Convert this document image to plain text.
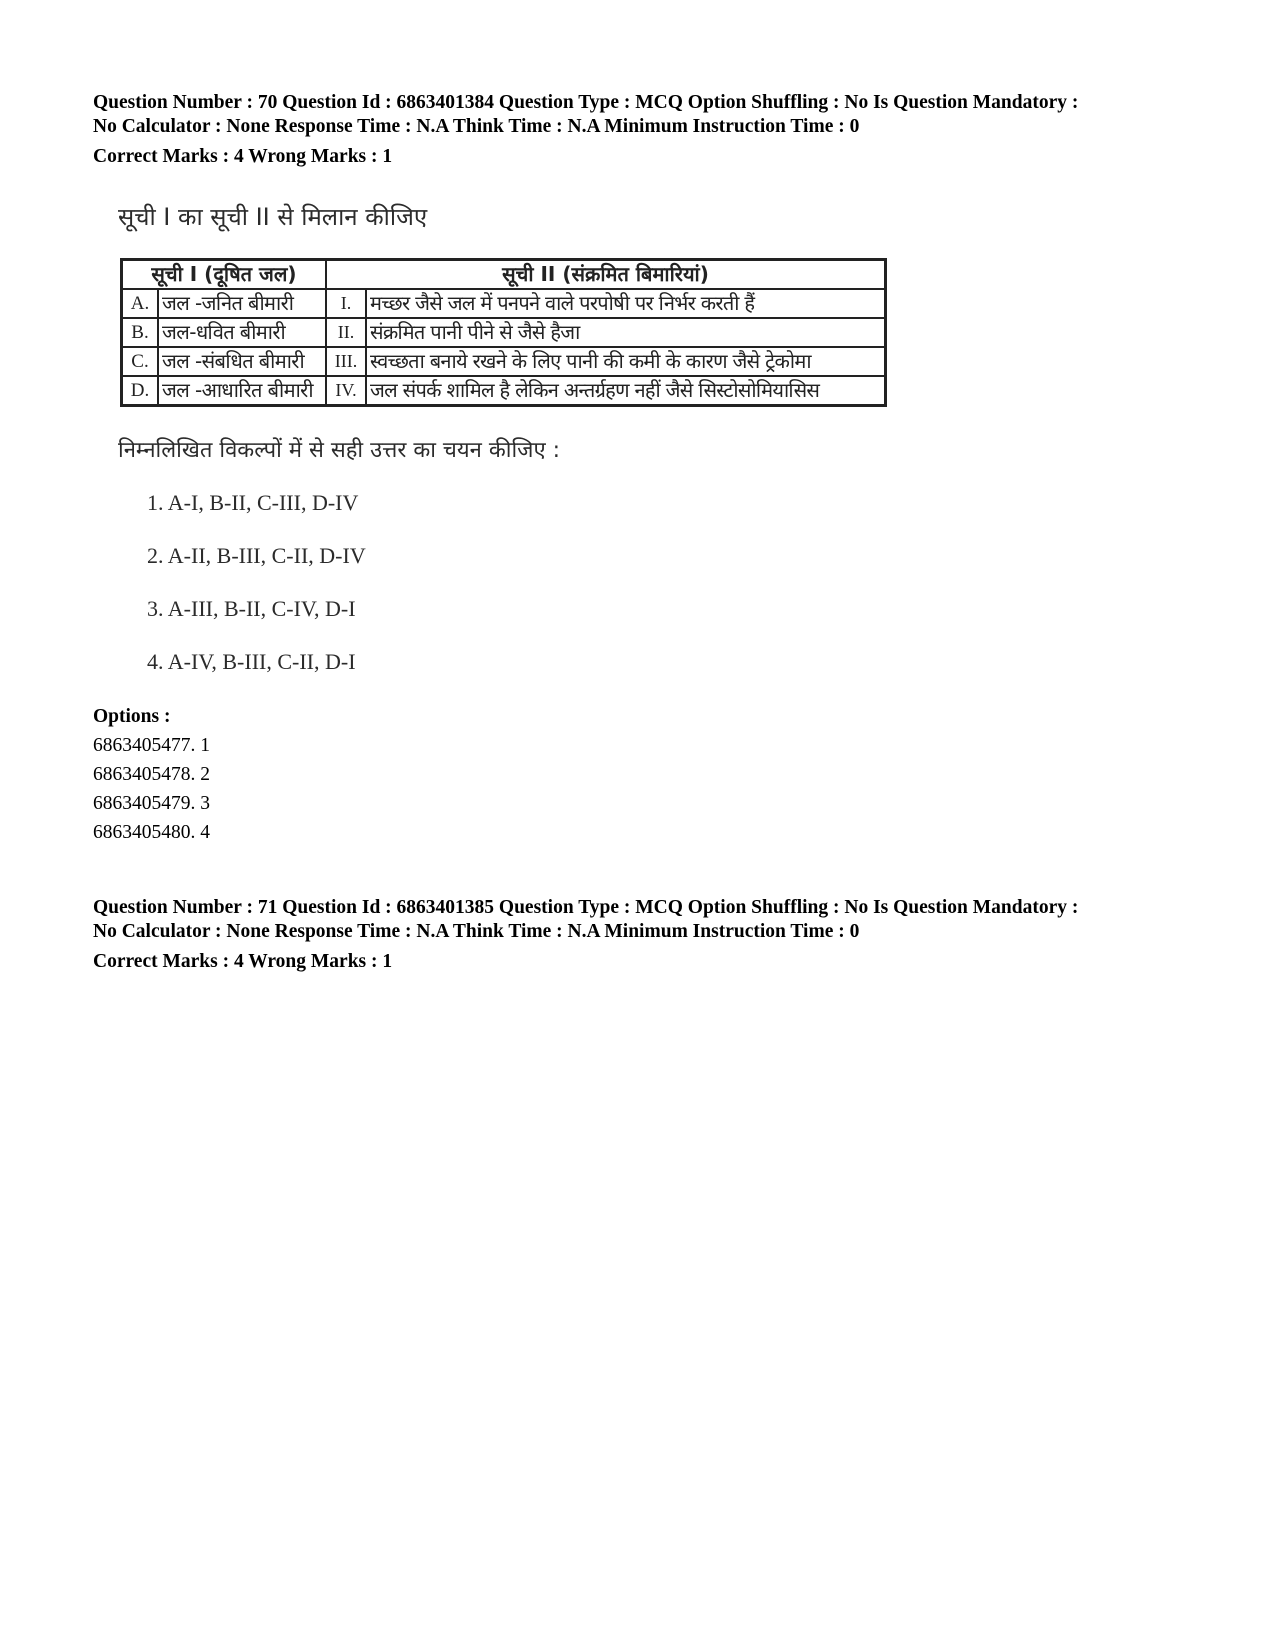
Question Number : 70 Question Id : 6863401384 Question Type : MCQ Option Shuffling : No Is Question Mandatory :
No Calculator : None Response Time : N.A Think Time : N.A Minimum Instruction Time : 0
Correct Marks : 4 Wrong Marks : 1
सूची I का सूची II से मिलान कीजिए
सूची I (दूषित जल)		सूची II (संक्रमित बिमारियां)	
A.	जल -जनित बीमारी	I.	मच्छर जैसे जल में पनपने वाले परपोषी पर निर्भर करती हैं
B.	जल-धवित बीमारी	II.	संक्रमित पानी पीने से जैसे हैजा
C.	जल -संबधित बीमारी	III.	स्वच्छता बनाये रखने के लिए पानी की कमी के कारण जैसे ट्रेकोमा
D.	जल -आधारित बीमारी	IV.	जल संपर्क शामिल है लेकिन अन्तर्ग्रहण नहीं जैसे सिस्टोसोमियासिस
निम्नलिखित विकल्पों में से सही उत्तर का चयन कीजिए :
1. A-I, B-II, C-III, D-IV
2. A-II, B-III, C-II, D-IV
3. A-III, B-II, C-IV, D-I
4. A-IV, B-III, C-II, D-I
Options :
6863405477. 1
6863405478. 2
6863405479. 3
6863405480. 4
Question Number : 71 Question Id : 6863401385 Question Type : MCQ Option Shuffling : No Is Question Mandatory :
No Calculator : None Response Time : N.A Think Time : N.A Minimum Instruction Time : 0
Correct Marks : 4 Wrong Marks : 1
